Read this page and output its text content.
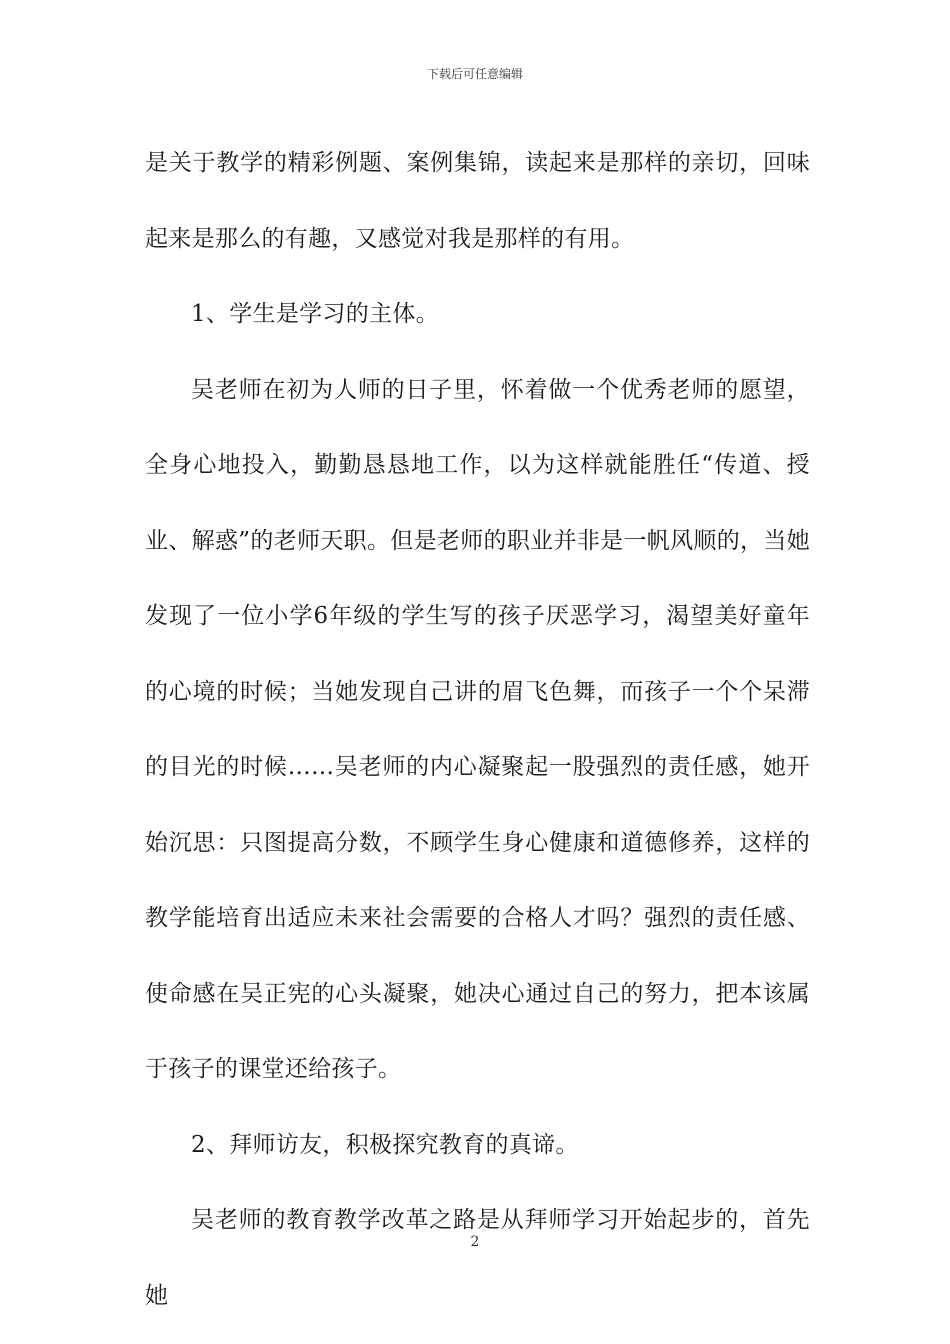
下载后可任意编辑

是关于教学的精彩例题、案例集锦，读起来是那样的亲切，回味起来是那么的有趣，又感觉对我是那样的有用。

1、学生是学习的主体。

吴老师在初为人师的日子里，怀着做一个优秀老师的愿望，全身心地投入，勤勤恳恳地工作，以为这样就能胜任“传道、授业、解惑”的老师天职。但是老师的职业并非是一帆风顺的，当她发现了一位小学6年级的学生写的孩子厌恶学习，渴望美好童年的心境的时候；当她发现自己讲的眉飞色舞，而孩子一个个呆滞的目光的时候……吴老师的内心凝聚起一股强烈的责任感，她开始沉思：只图提高分数，不顾学生身心健康和道德修养，这样的教学能培育出适应未来社会需要的合格人才吗？强烈的责任感、使命感在吴正宪的心头凝聚，她决心通过自己的努力，把本该属于孩子的课堂还给孩子。

2、拜师访友，积极探究教育的真谛。

吴老师的教育教学改革之路是从拜师学习开始起步的，首先她

2
